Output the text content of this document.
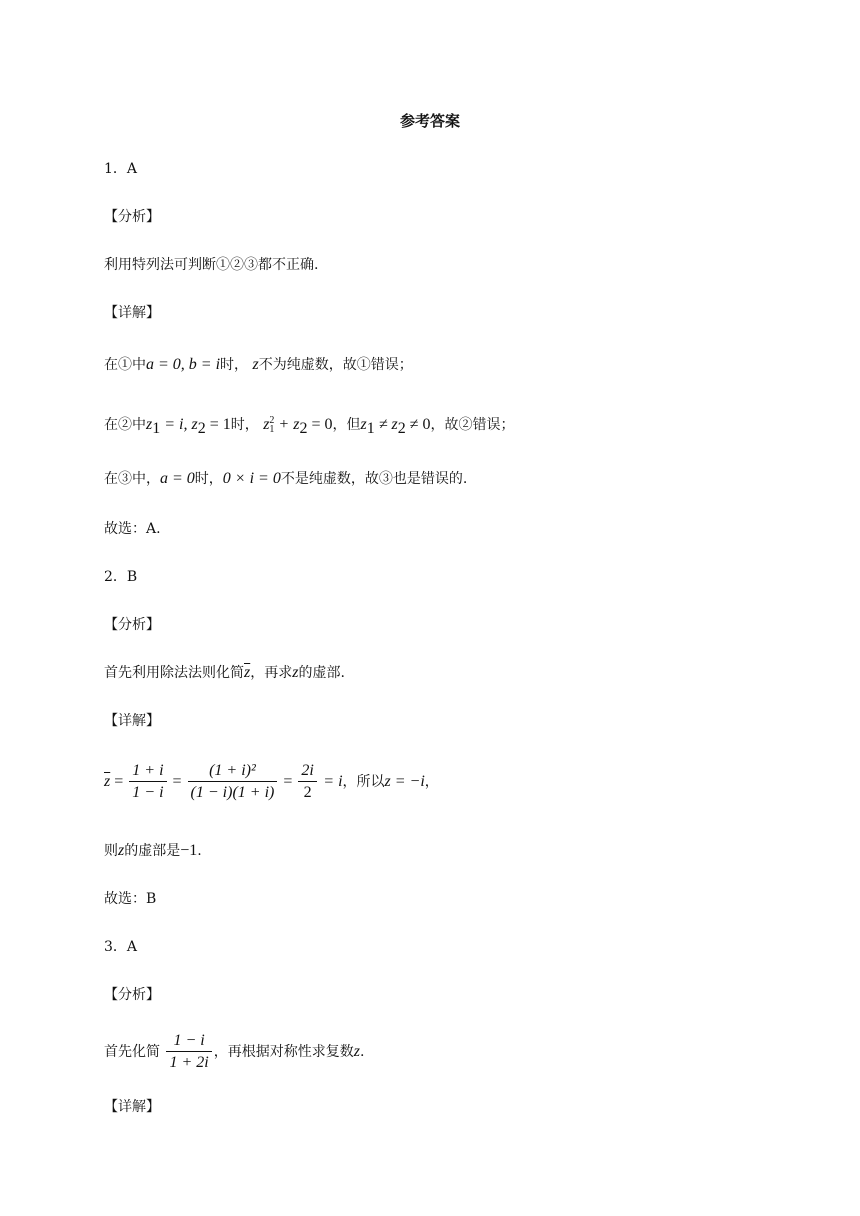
参考答案
1．A
【分析】
利用特列法可判断①②③都不正确.
【详解】
在①中a = 0, b = i时， z不为纯虚数，故①错误；
在②中$z_1 = i$, $z_2 = 1$时， z 2
$1 + z_2 = 0$，但$z_1 \ne z_2 \ne 0$，故②错误；
在③中，a = 0时，0 × i = 0不是纯虚数，故③也是错误的.
故选：A.
2．B
【分析】
首先利用除法法则化简$\overline{z}$，再求z的虚部.
【详解】
$\overline{z} = \frac{1 + i}{1 - i} = \frac{\text{(1 + i)²}}{(1 - i)(1 + i)} = \frac{2i}{2} = i$，所以z = −i，
则z的虚部是−1.
故选：B
3．A
【分析】
首先化简 $\frac{1 - i}{1 + 2i}$ ，再根据对称性求复数z.
【详解】
